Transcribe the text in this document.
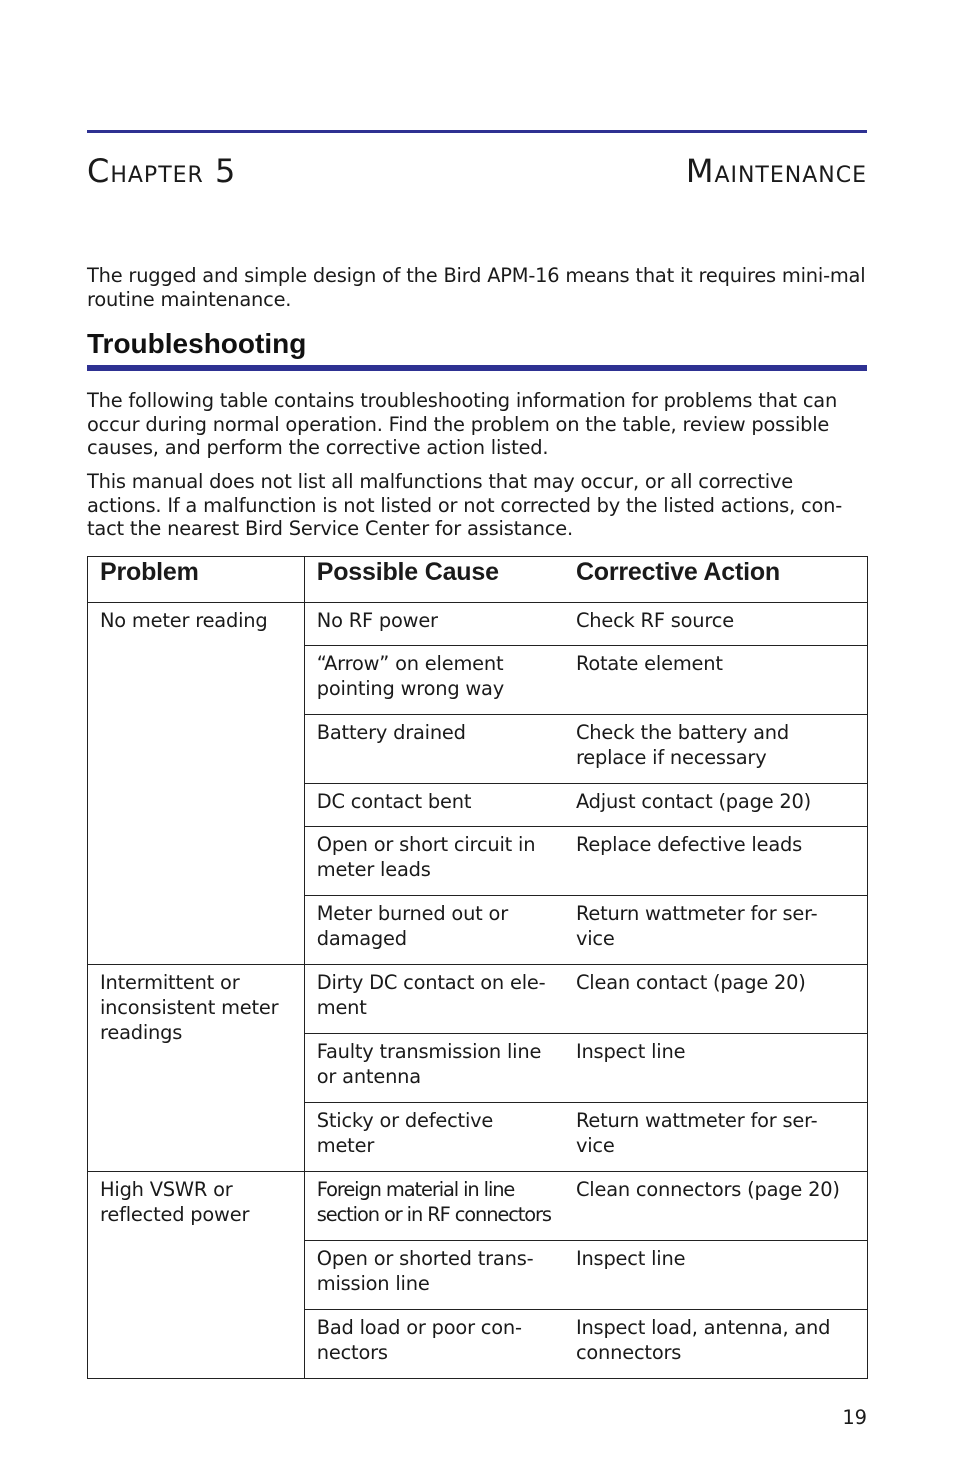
Chapter 5	Maintenance

The rugged and simple design of the Bird APM-16 means that it requires mini-mal routine maintenance.

Troubleshooting

The following table contains troubleshooting information for problems that can occur during normal operation. Find the problem on the table, review possible causes, and perform the corrective action listed.

This manual does not list all malfunctions that may occur, or all corrective actions. If a malfunction is not listed or not corrected by the listed actions, con-tact the nearest Bird Service Center for assistance.

Problem	Possible Cause	Corrective Action
No meter reading	No RF power	Check RF source
	“Arrow” on element pointing wrong way	Rotate element
	Battery drained	Check the battery and replace if necessary
	DC contact bent	Adjust contact (page 20)
	Open or short circuit in meter leads	Replace defective leads
	Meter burned out or damaged	Return wattmeter for ser-vice
Intermittent or inconsistent meter readings	Dirty DC contact on ele-ment	Clean contact (page 20)
	Faulty transmission line or antenna	Inspect line
	Sticky or defective meter	Return wattmeter for ser-vice
High VSWR or reflected power	Foreign material in line section or in RF connectors	Clean connectors (page 20)
	Open or shorted trans-mission line	Inspect line
	Bad load or poor con-nectors	Inspect load, antenna, and connectors
19
